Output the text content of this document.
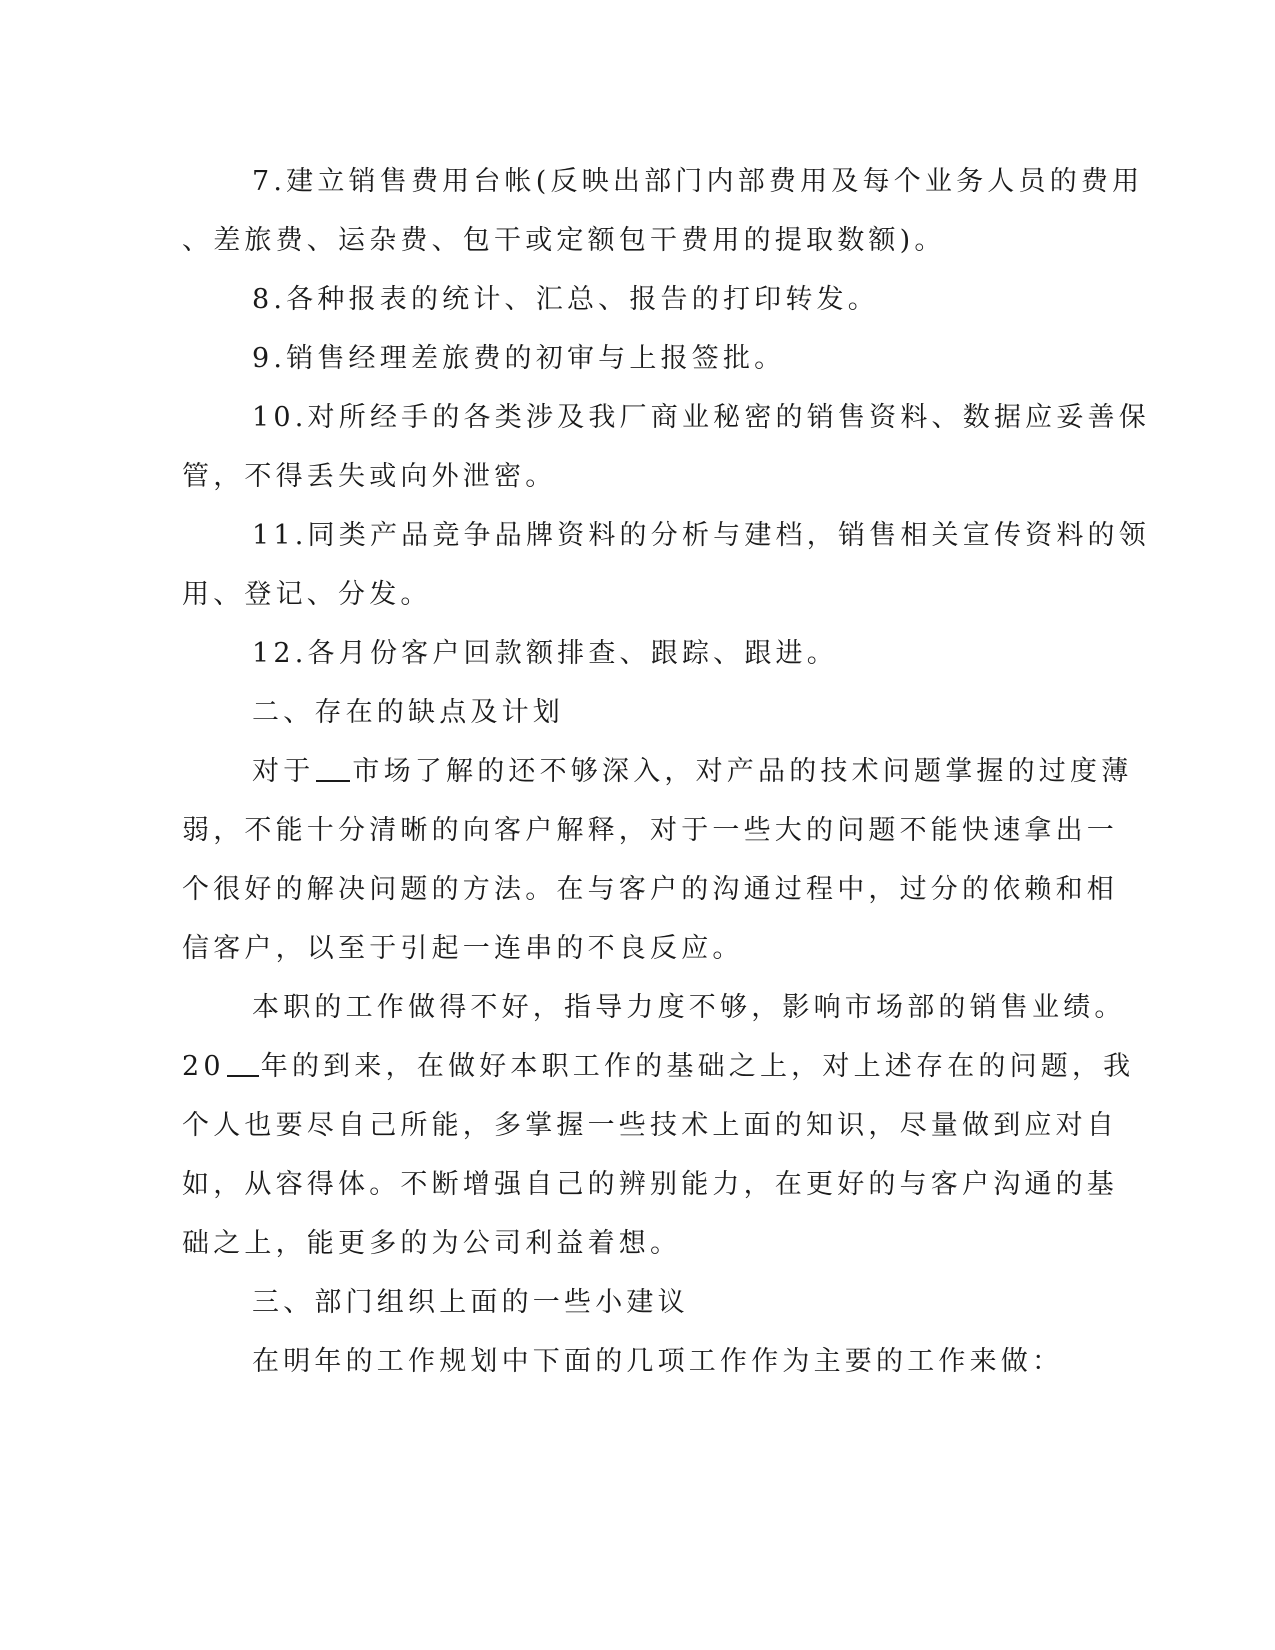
7.建立销售费用台帐(反映出部门内部费用及每个业务人员的费用
、差旅费、运杂费、包干或定额包干费用的提取数额)。
8.各种报表的统计、汇总、报告的打印转发。
9.销售经理差旅费的初审与上报签批。
10.对所经手的各类涉及我厂商业秘密的销售资料、数据应妥善保
管，不得丢失或向外泄密。
11.同类产品竞争品牌资料的分析与建档，销售相关宣传资料的领
用、登记、分发。
12.各月份客户回款额排查、跟踪、跟进。
二、存在的缺点及计划
对于 市场了解的还不够深入，对产品的技术问题掌握的过度薄
弱，不能十分清晰的向客户解释，对于一些大的问题不能快速拿出一
个很好的解决问题的方法。在与客户的沟通过程中，过分的依赖和相
信客户，以至于引起一连串的不良反应。
本职的工作做得不好，指导力度不够，影响市场部的销售业绩。
20 年的到来，在做好本职工作的基础之上，对上述存在的问题，我
个人也要尽自己所能，多掌握一些技术上面的知识，尽量做到应对自
如，从容得体。不断增强自己的辨别能力，在更好的与客户沟通的基
础之上，能更多的为公司利益着想。
三、部门组织上面的一些小建议
在明年的工作规划中下面的几项工作作为主要的工作来做：
